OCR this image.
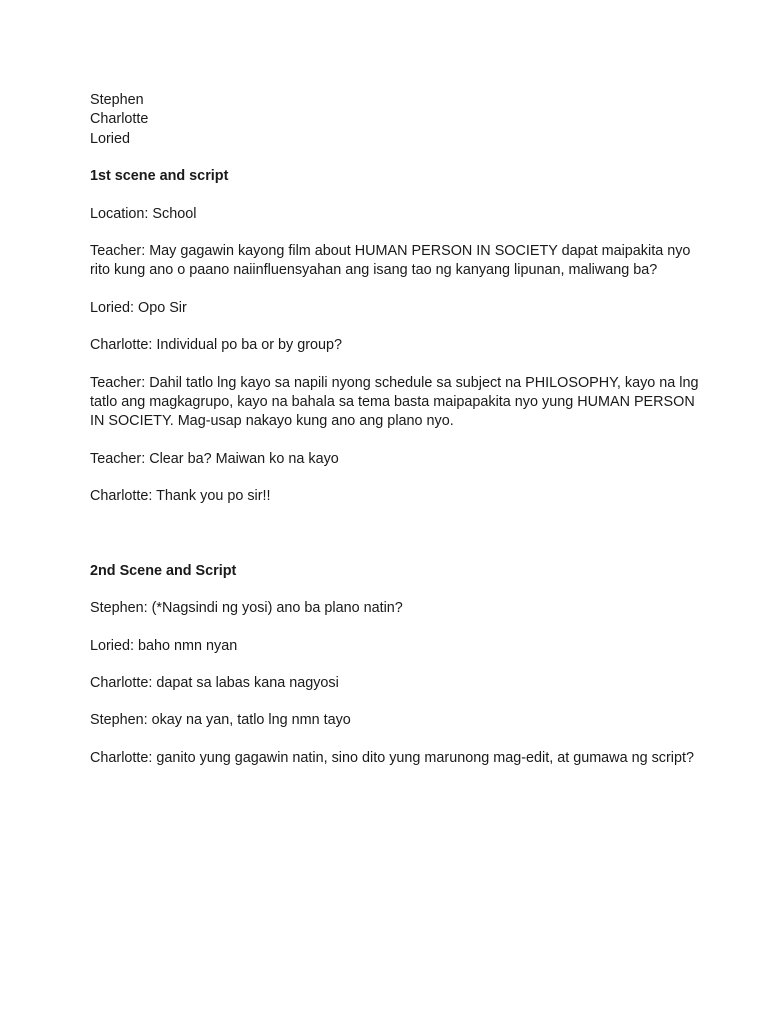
Stephen

Charlotte

Loried

1st scene and script

Location: School

Teacher: May gagawin kayong film about HUMAN PERSON IN SOCIETY dapat maipakita nyo

rito kung ano o paano naiinfluensyahan ang isang tao ng kanyang lipunan, maliwang ba?

Loried: Opo Sir

Charlotte: Individual po ba or by group?

Teacher: Dahil tatlo lng kayo sa napili nyong schedule sa subject na PHILOSOPHY, kayo na lng

tatlo ang magkagrupo, kayo na bahala sa tema basta maipapakita nyo yung HUMAN PERSON

IN SOCIETY. Mag-usap nakayo kung ano ang plano nyo.

Teacher: Clear ba? Maiwan ko na kayo

Charlotte: Thank you po sir!!

2nd Scene and Script

Stephen: (*Nagsindi ng yosi) ano ba plano natin?

Loried: baho nmn nyan

Charlotte: dapat sa labas kana nagyosi

Stephen: okay na yan, tatlo lng nmn tayo

Charlotte: ganito yung gagawin natin, sino dito yung marunong mag-edit, at gumawa ng script?
